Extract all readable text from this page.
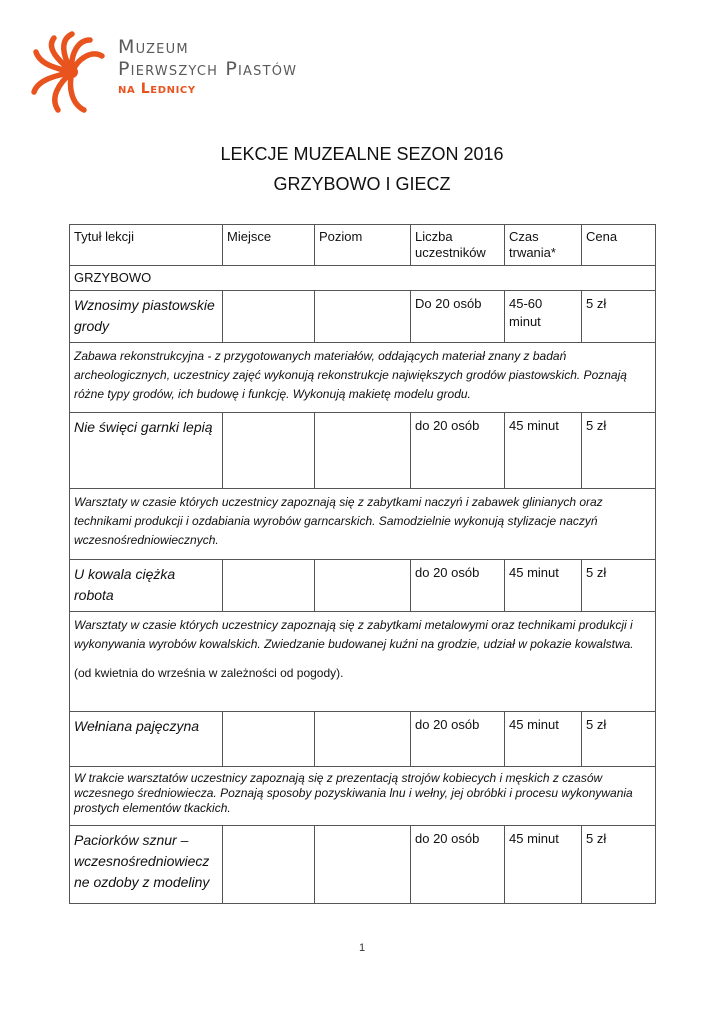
Muzeum
Pierwszych Piastów
na Lednicy
LEKCJE MUZEALNE SEZON 2016
GRZYBOWO I GIECZ
Tytuł lekcji	Miejsce	Poziom	Liczba uczestników	Czas trwania*	Cena
GRZYBOWO					
Wznosimy piastowskie grody			Do 20 osób	45-60 minut	5 zł
Zabawa rekonstrukcyjna - z przygotowanych materiałów, oddających materiał znany z badań archeologicznych, uczestnicy zajęć wykonują rekonstrukcje największych grodów piastowskich. Poznają różne typy grodów, ich budowę i funkcję. Wykonują makietę modelu grodu.					
Nie święci garnki lepią			do 20 osób	45 minut	5 zł
Warsztaty w czasie których uczestnicy zapoznają się z zabytkami naczyń i zabawek glinianych oraz technikami produkcji i ozdabiania wyrobów garncarskich. Samodzielnie wykonują stylizacje naczyń wczesnośredniowiecznych.					
U kowala ciężka robota			do 20 osób	45 minut	5 zł
Warsztaty w czasie których uczestnicy zapoznają się z zabytkami metalowymi oraz technikami produkcji i wykonywania wyrobów kowalskich. Zwiedzanie budowanej kuźni na grodzie, udział w pokazie kowalstwa.
(od kwietnia do września w zależności od pogody).					

Wełniana pajęczyna			do 20 osób	45 minut	5 zł
W trakcie warsztatów uczestnicy zapoznają się z prezentacją strojów kobiecych i męskich z czasów wczesnego średniowiecza. Poznają sposoby pozyskiwania lnu i wełny, jej obróbki i procesu wykonywania prostych elementów tkackich.					
Paciorków sznur – wczesnośredniowiecz ne ozdoby z modeliny			do 20 osób	45 minut	5 zł
1
